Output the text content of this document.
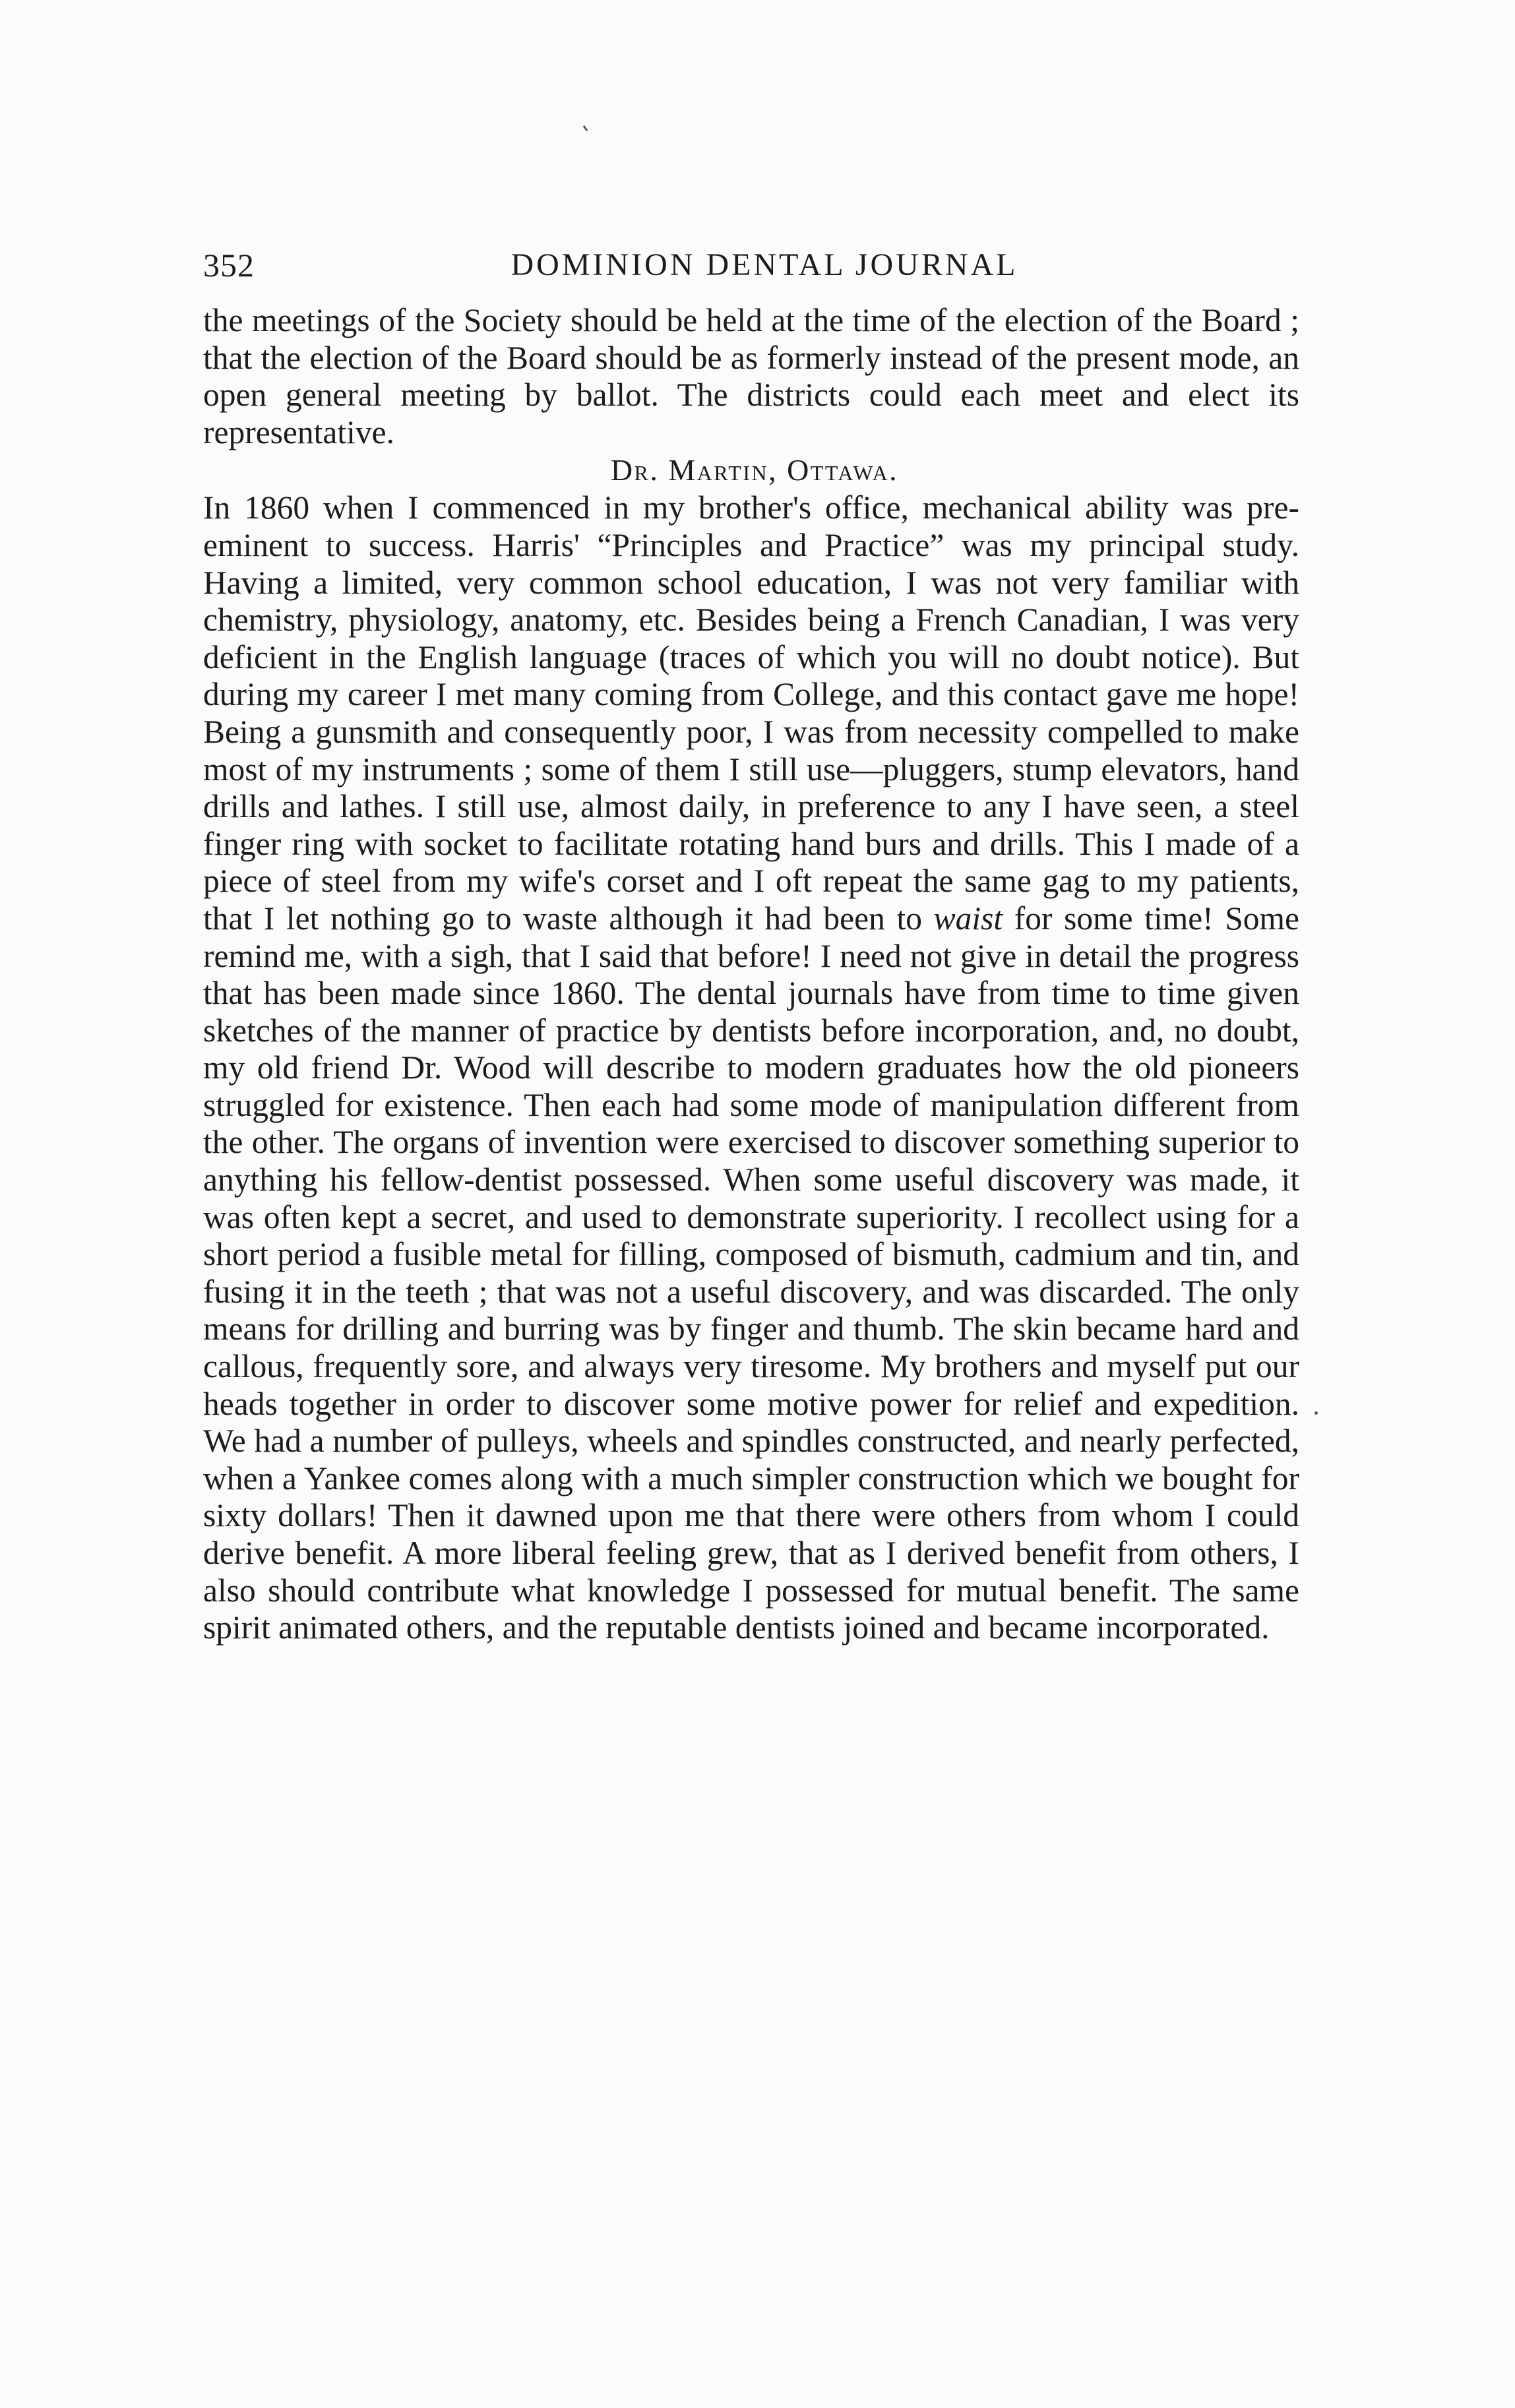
352	DOMINION DENTAL JOURNAL

the meetings of the Society should be held at the time of the election of the Board ; that the election of the Board should be as formerly instead of the present mode, an open general meeting by ballot. The districts could each meet and elect its representative.

Dr. Martin, Ottawa.

In 1860 when I commenced in my brother's office, mechanical ability was pre-eminent to success. Harris' “Principles and Practice” was my principal study. Having a limited, very common school education, I was not very familiar with chemistry, physiology, anatomy, etc. Besides being a French Canadian, I was very deficient in the English language (traces of which you will no doubt notice). But during my career I met many coming from College, and this contact gave me hope! Being a gunsmith and consequently poor, I was from necessity compelled to make most of my instruments ; some of them I still use—pluggers, stump elevators, hand drills and lathes. I still use, almost daily, in preference to any I have seen, a steel finger ring with socket to facilitate rotating hand burs and drills. This I made of a piece of steel from my wife's corset and I oft repeat the same gag to my patients, that I let nothing go to waste although it had been to waist for some time! Some remind me, with a sigh, that I said that before! I need not give in detail the progress that has been made since 1860. The dental journals have from time to time given sketches of the manner of practice by dentists before incorporation, and, no doubt, my old friend Dr. Wood will describe to modern graduates how the old pioneers struggled for existence. Then each had some mode of manipulation different from the other. The organs of invention were exercised to discover something superior to anything his fellow-dentist possessed. When some useful discovery was made, it was often kept a secret, and used to demonstrate superiority. I recollect using for a short period a fusible metal for filling, composed of bismuth, cadmium and tin, and fusing it in the teeth ; that was not a useful discovery, and was discarded. The only means for drilling and burring was by finger and thumb. The skin became hard and callous, frequently sore, and always very tiresome. My brothers and myself put our heads together in order to discover some motive power for relief and expedition. We had a number of pulleys, wheels and spindles constructed, and nearly perfected, when a Yankee comes along with a much simpler construction which we bought for sixty dollars! Then it dawned upon me that there were others from whom I could derive benefit. A more liberal feeling grew, that as I derived benefit from others, I also should contribute what knowledge I possessed for mutual benefit. The same spirit animated others, and the reputable dentists joined and became incorporated.
